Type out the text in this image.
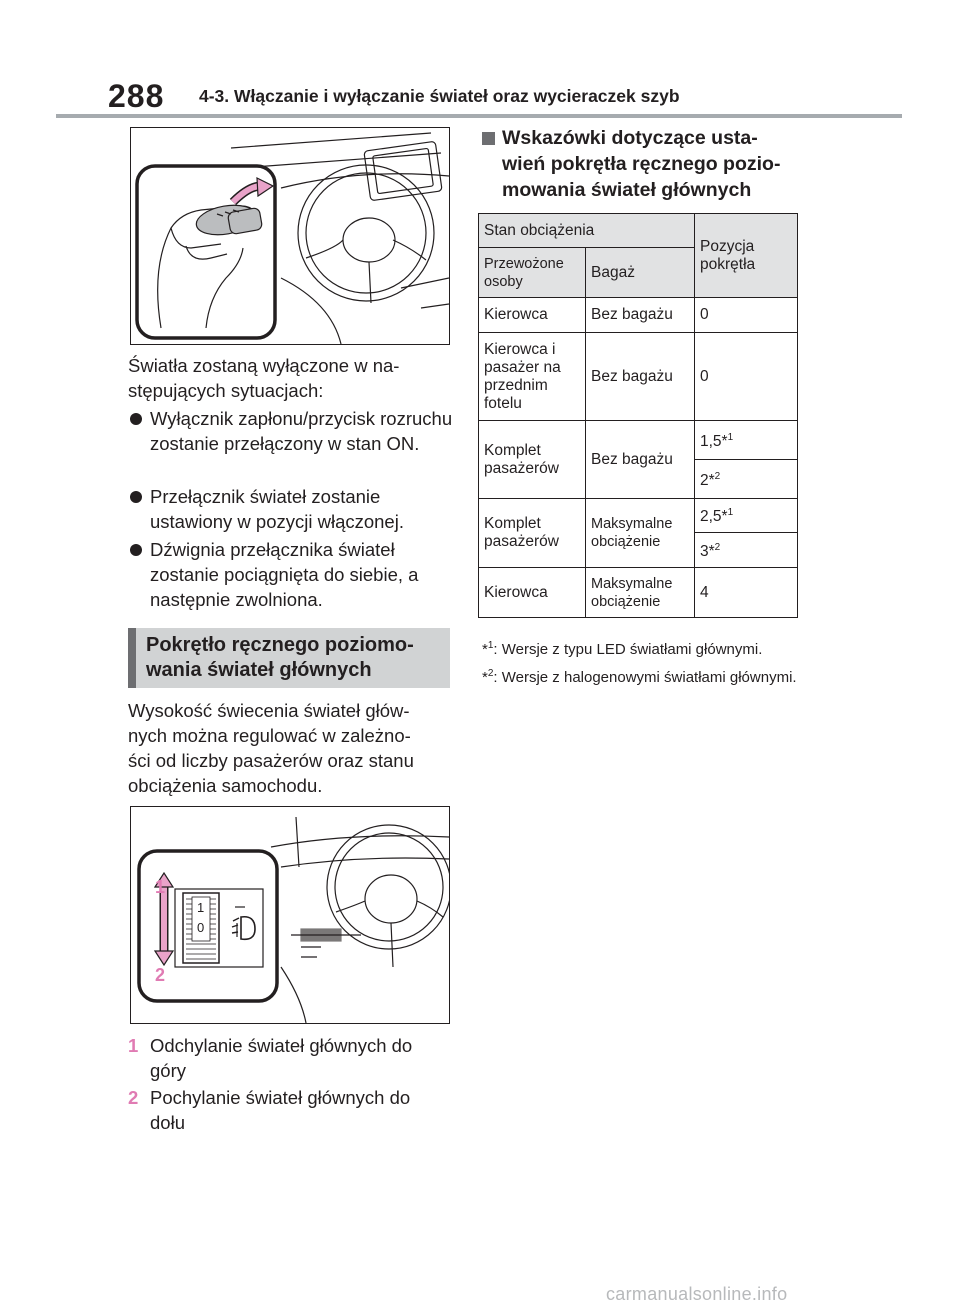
288 4-3. Włączanie i wyłączanie świateł oraz wycieraczek szyb
Światła zostaną wyłączone w na-
stępujących sytuacjach:
Wyłącznik zapłonu/przycisk rozruchu zostanie przełączony w stan ON.
Przełącznik świateł zostanie ustawiony w pozycji włączonej.
Dźwignia przełącznika świateł zostanie pociągnięta do siebie, a następnie zwolniona.
Pokrętło ręcznego poziomo-
wania świateł głównych
Wysokość świecenia świateł głów-
nych można regulować w zależno-
ści od liczby pasażerów oraz stanu
obciążenia samochodu.
1
2
1
0
1 Odchylanie świateł głównych do
góry
2 Pochylanie świateł głównych do
dołu
Wskazówki dotyczące usta-
wień pokrętła ręcznego pozio-
mowania świateł głównych
Stan obciążenia		Pozycja pokrętła
Przewożone osoby	Bagaż	
Kierowca	Bez bagażu	0
Kierowca i pasażer na przednim fotelu	Bez bagażu	0
Komplet pasażerów	Bez bagażu	1,5*$^1$
		2*$^2$
Komplet pasażerów	Maksymalne obciążenie	2,5*$^1$
		3*$^2$
Kierowca	Maksymalne obciążenie	4
*$^1$: Wersje z typu LED światłami głównymi.
*$^2$: Wersje z halogenowymi światłami głównymi.
carmanualsonline.info
